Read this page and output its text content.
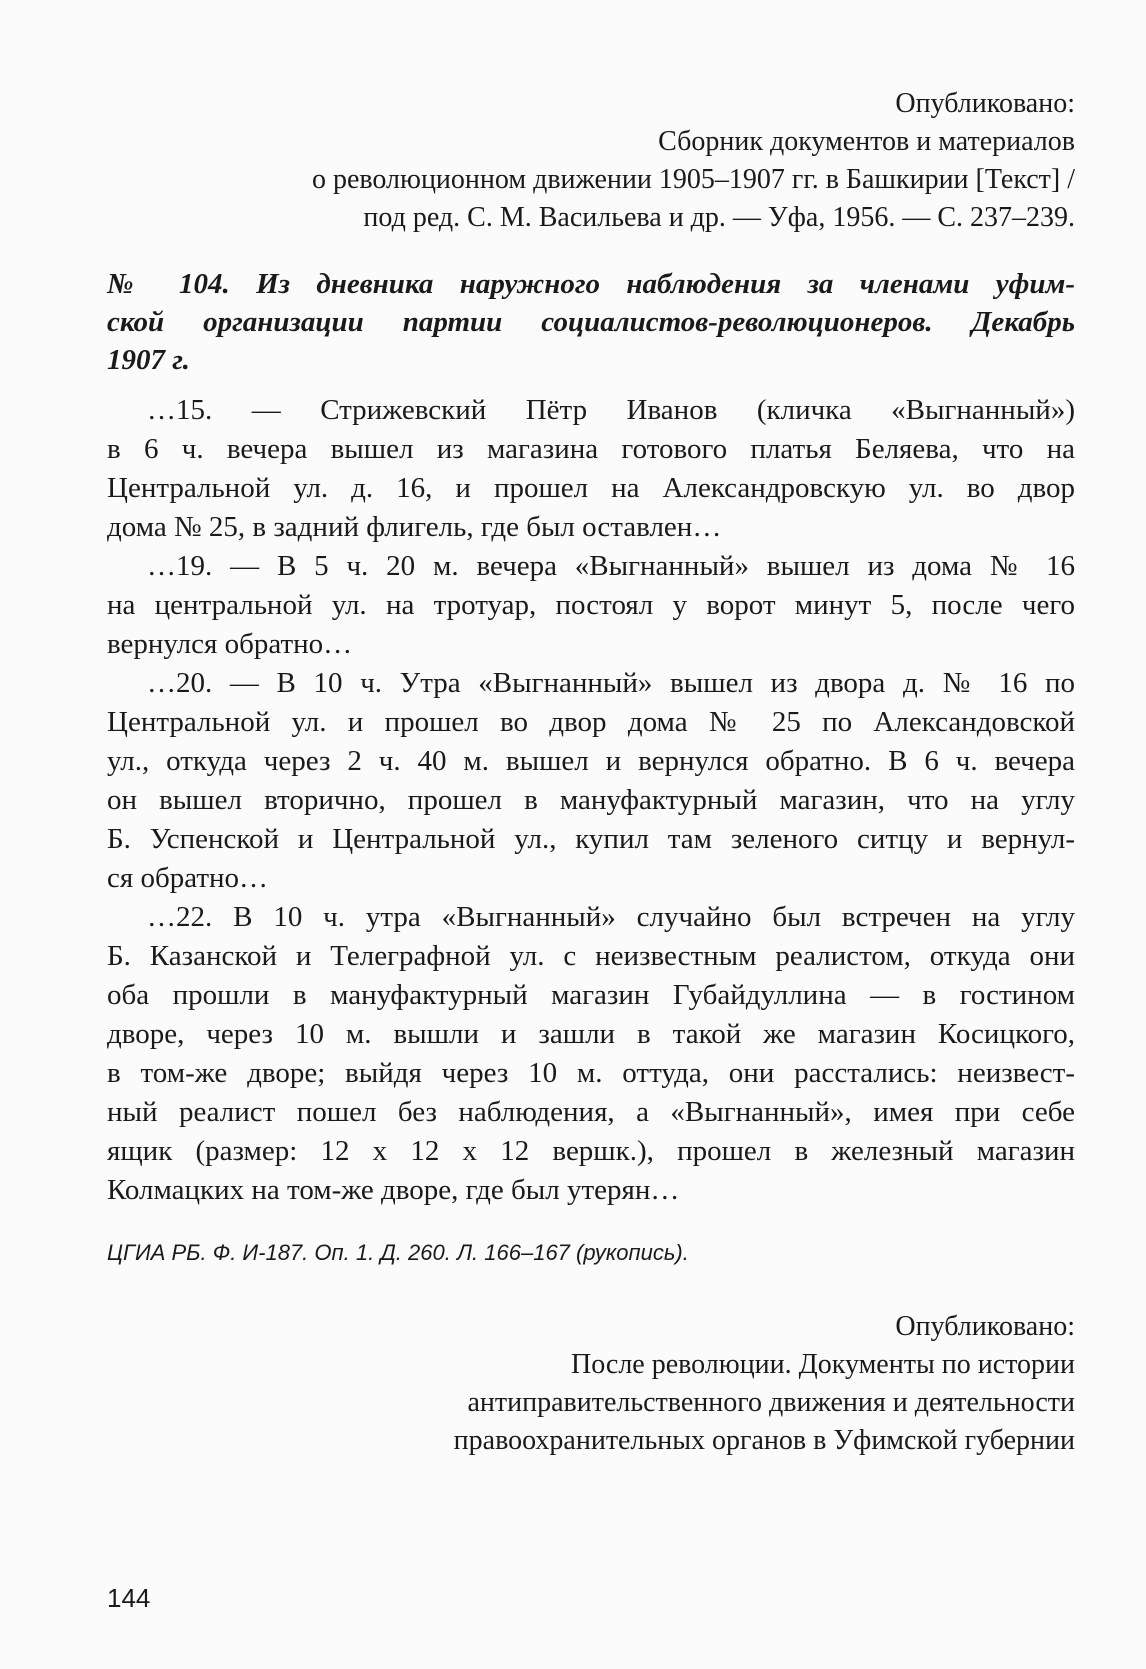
Опубликовано:
Сборник документов и материалов
о революционном движении 1905–1907 гг. в Башкирии [Текст] /
под ред. С. М. Васильева и др. — Уфа, 1956. — С. 237–239.
№ 104. Из дневника наружного наблюдения за членами уфим-
ской организации партии социалистов-революционеров. Декабрь
1907 г.
…15. — Стрижевский Пётр Иванов (кличка «Выгнанный»)
в 6 ч. вечера вышел из магазина готового платья Беляева, что на
Центральной ул. д. 16, и прошел на Александровскую ул. во двор
дома № 25, в задний флигель, где был оставлен…
…19. — В 5 ч. 20 м. вечера «Выгнанный» вышел из дома № 16
на центральной ул. на тротуар, постоял у ворот минут 5, после чего
вернулся обратно…
…20. — В 10 ч. Утра «Выгнанный» вышел из двора д. № 16 по
Центральной ул. и прошел во двор дома № 25 по Александовской
ул., откуда через 2 ч. 40 м. вышел и вернулся обратно. В 6 ч. вечера
он вышел вторично, прошел в мануфактурный магазин, что на углу
Б. Успенской и Центральной ул., купил там зеленого ситцу и вернул-
ся обратно…
…22. В 10 ч. утра «Выгнанный» случайно был встречен на углу
Б. Казанской и Телеграфной ул. с неизвестным реалистом, откуда они
оба прошли в мануфактурный магазин Губайдуллина — в гостином
дворе, через 10 м. вышли и зашли в такой же магазин Косицкого,
в том-же дворе; выйдя через 10 м. оттуда, они расстались: неизвест-
ный реалист пошел без наблюдения, а «Выгнанный», имея при себе
ящик (размер: 12 х 12 х 12 вершк.), прошел в железный магазин
Колмацких на том-же дворе, где был утерян…
ЦГИА РБ. Ф. И-187. Оп. 1. Д. 260. Л. 166–167 (рукопись).
Опубликовано:
После революции. Документы по истории
антиправительственного движения и деятельности
правоохранительных органов в Уфимской губернии
144
